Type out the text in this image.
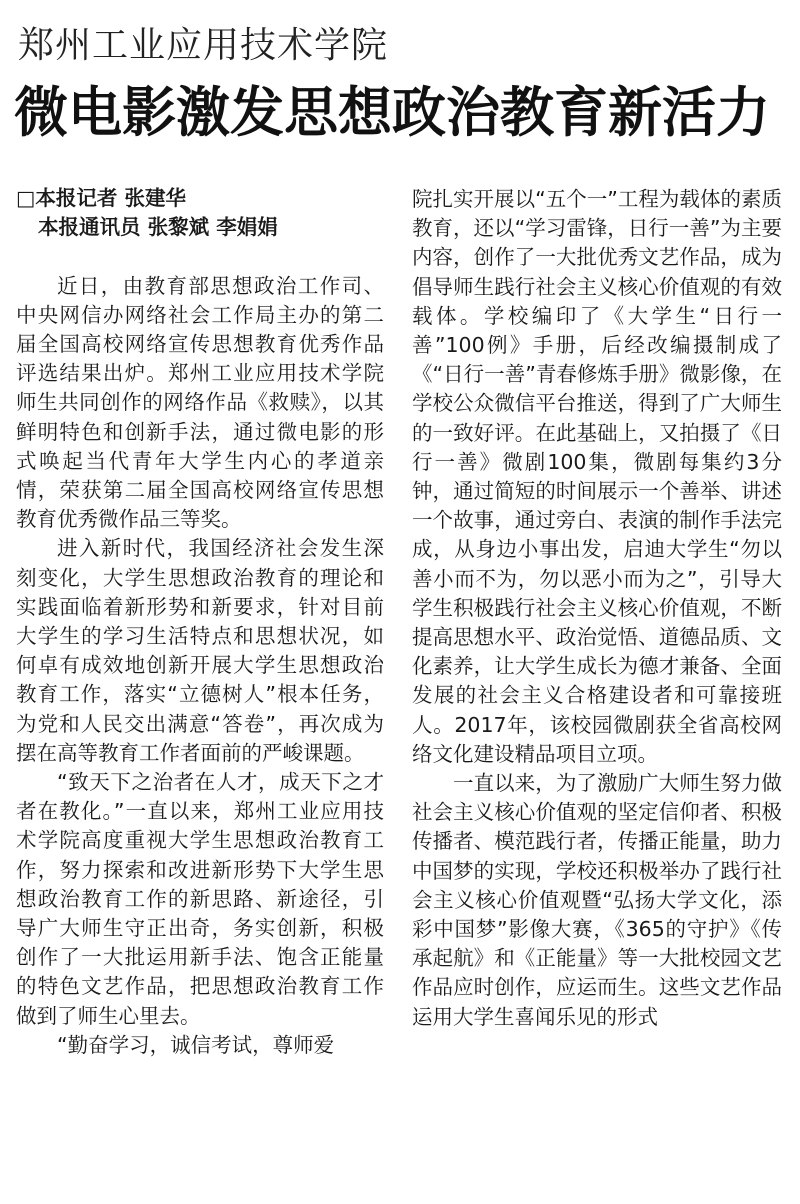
郑州工业应用技术学院
微电影激发思想政治教育新活力

□本报记者 张建华

本报通讯员 张黎斌 李娟娟

近日，由教育部思想政治工作司、中央网信办网络社会工作局主办的第二届全国高校网络宣传思想教育优秀作品评选结果出炉。郑州工业应用技术学院师生共同创作的网络作品《救赎》，以其鲜明特色和创新手法，通过微电影的形式唤起当代青年大学生内心的孝道亲情，荣获第二届全国高校网络宣传思想教育优秀微作品三等奖。

进入新时代，我国经济社会发生深刻变化，大学生思想政治教育的理论和实践面临着新形势和新要求，针对目前大学生的学习生活特点和思想状况，如何卓有成效地创新开展大学生思想政治教育工作，落实“立德树人”根本任务，为党和人民交出满意“答卷”，再次成为摆在高等教育工作者面前的严峻课题。

“致天下之治者在人才，成天下之才者在教化。”一直以来，郑州工业应用技术学院高度重视大学生思想政治教育工作，努力探索和改进新形势下大学生思想政治教育工作的新思路、新途径，引导广大师生守正出奇，务实创新，积极创作了一大批运用新手法、饱含正能量的特色文艺作品，把思想政治教育工作做到了师生心里去。

“勤奋学习，诚信考试，尊师爱

院扎实开展以“五个一”工程为载体的素质教育，还以“学习雷锋，日行一善”为主要内容，创作了一大批优秀文艺作品，成为倡导师生践行社会主义核心价值观的有效载体。学校编印了《大学生“日行一善”100例》手册，后经改编摄制成了《“日行一善”青春修炼手册》微影像，在学校公众微信平台推送，得到了广大师生的一致好评。在此基础上，又拍摄了《日行一善》微剧100集，微剧每集约3分钟，通过简短的时间展示一个善举、讲述一个故事，通过旁白、表演的制作手法完成，从身边小事出发，启迪大学生“勿以善小而不为，勿以恶小而为之”，引导大学生积极践行社会主义核心价值观，不断提高思想水平、政治觉悟、道德品质、文化素养，让大学生成长为德才兼备、全面发展的社会主义合格建设者和可靠接班人。2017年，该校园微剧获全省高校网络文化建设精品项目立项。

一直以来，为了激励广大师生努力做社会主义核心价值观的坚定信仰者、积极传播者、模范践行者，传播正能量，助力中国梦的实现，学校还积极举办了践行社会主义核心价值观暨“弘扬大学文化，添彩中国梦”影像大赛，《365的守护》《传承起航》和《正能量》等一大批校园文艺作品应时创作，应运而生。这些文艺作品运用大学生喜闻乐见的形式
